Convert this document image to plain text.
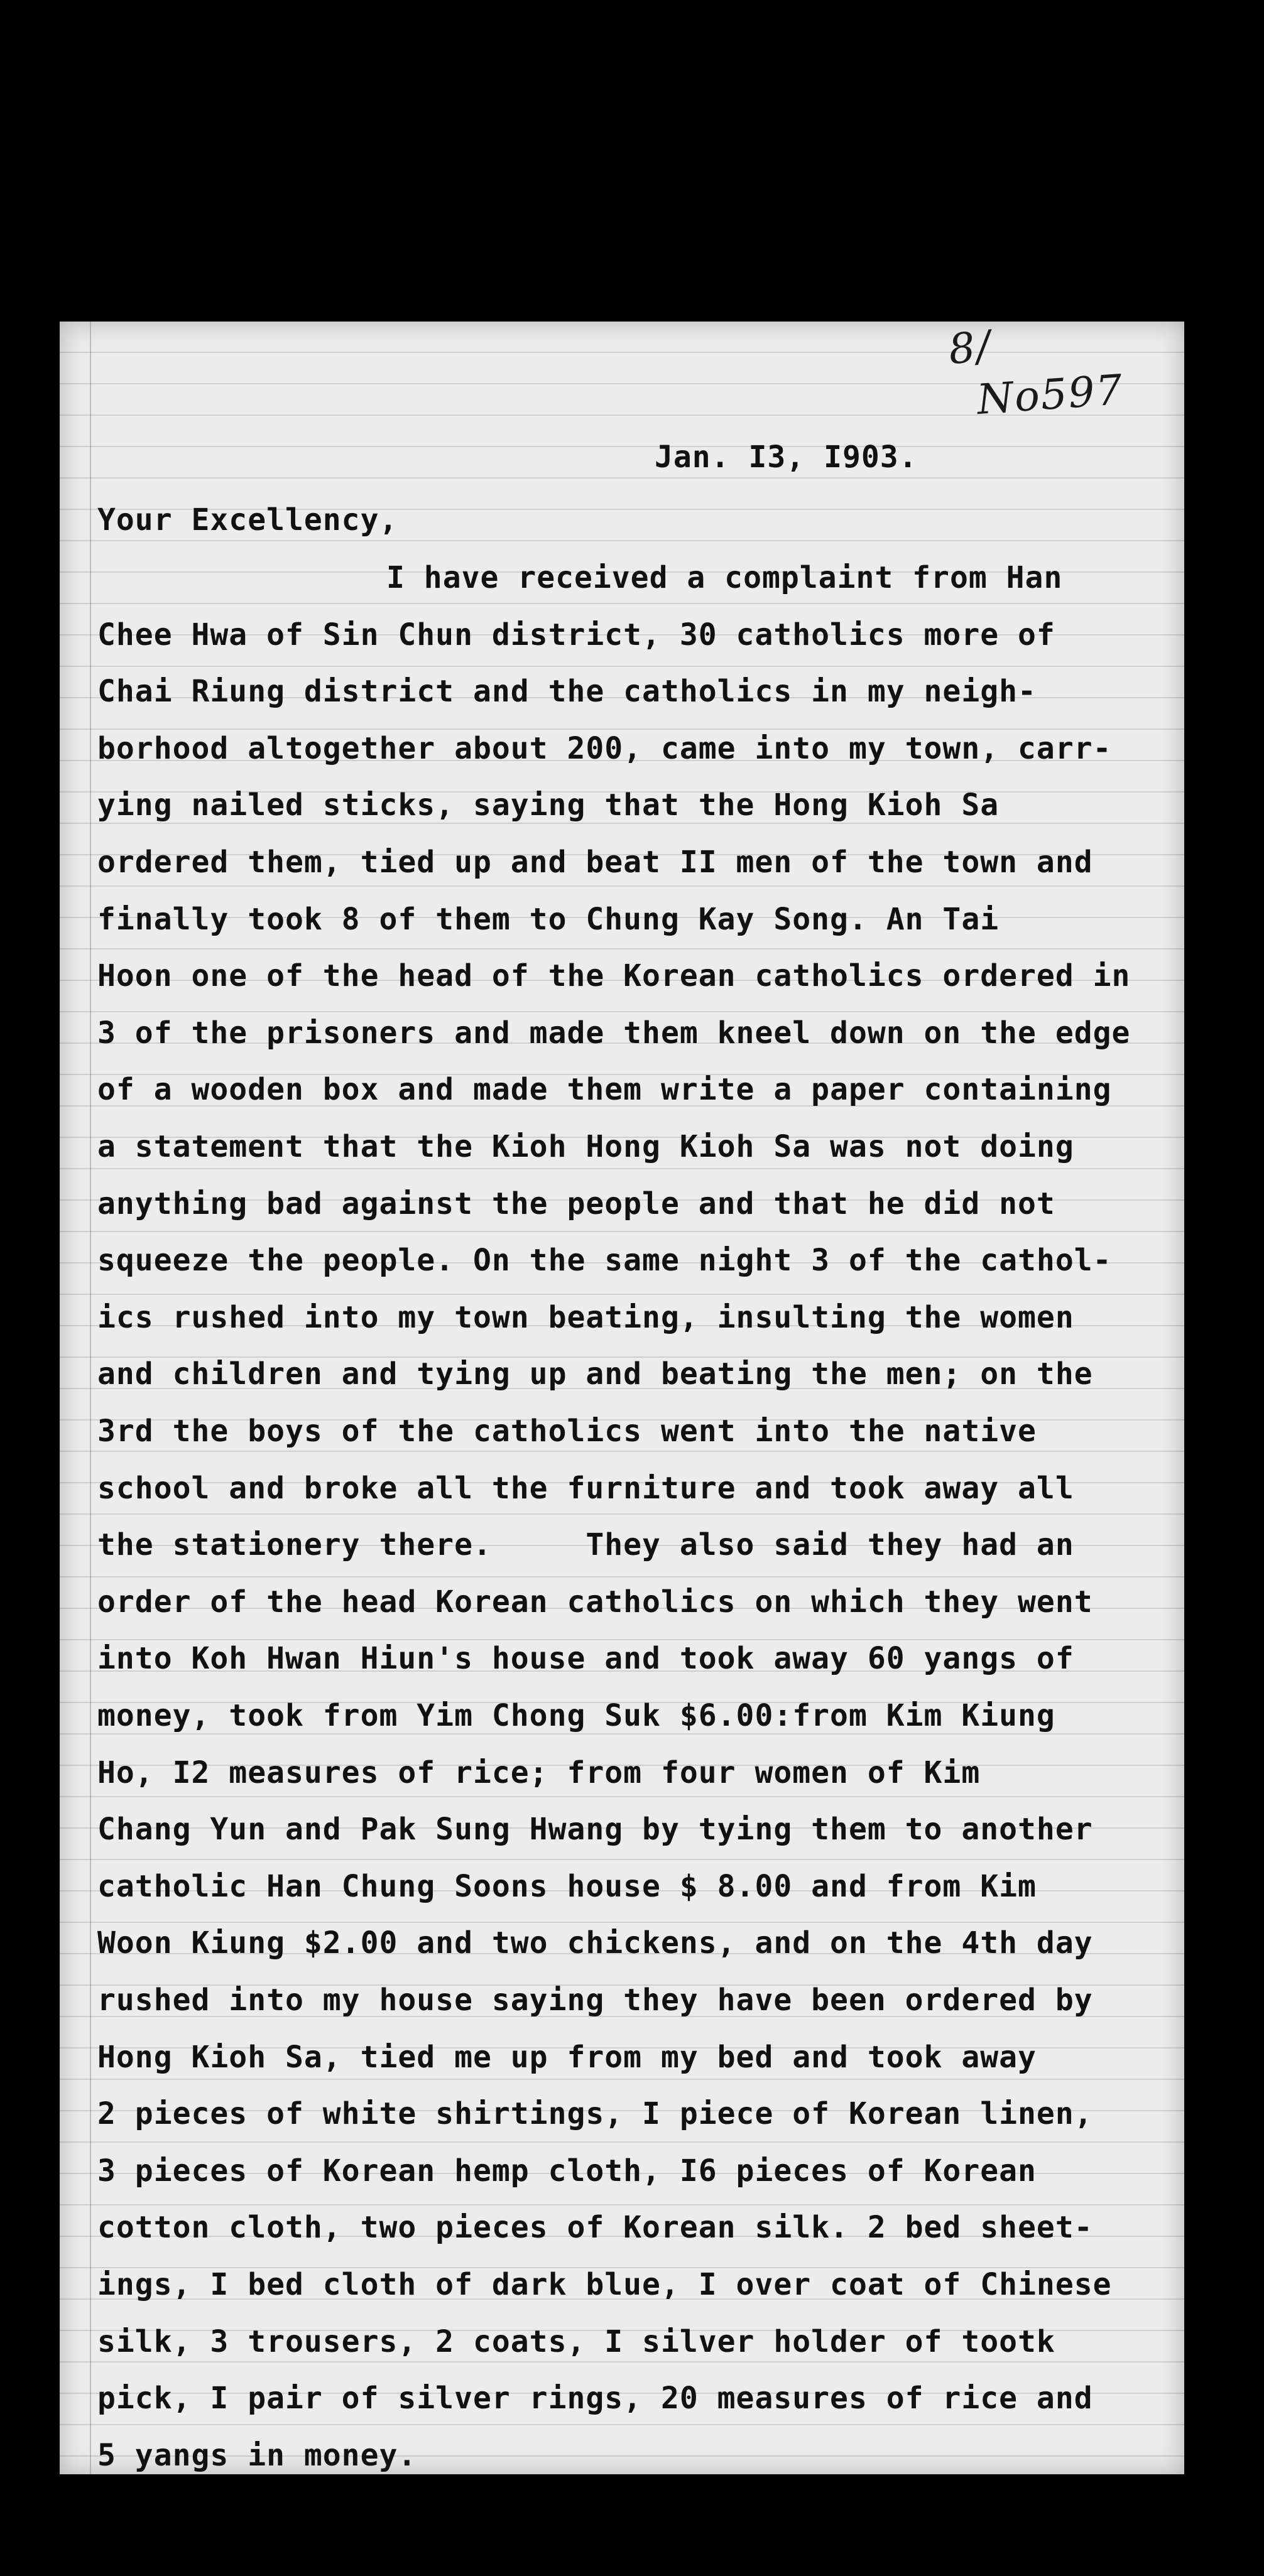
8/
No597
Jan. I3, I903.
Your Excellency,
I have received a complaint from Han
Chee Hwa of Sin Chun district, 30 catholics more of
Chai Riung district and the catholics in my neigh-
borhood altogether about 200, came into my town, carr-
ying nailed sticks, saying that the Hong Kioh Sa
ordered them, tied up and beat II men of the town and
finally took 8 of them to Chung Kay Song. An Tai
Hoon one of the head of the Korean catholics ordered in
3 of the prisoners and made them kneel down on the edge
of a wooden box and made them write a paper containing
a statement that the Kioh Hong Kioh Sa was not doing
anything bad against the people and that he did not
squeeze the people. On the same night 3 of the cathol-
ics rushed into my town beating, insulting the women
and children and tying up and beating the men; on the
3rd the boys of the catholics went into the native
school and broke all the furniture and took away all
the stationery there.     They also said they had an
order of the head Korean catholics on which they went
into Koh Hwan Hiun's house and took away 60 yangs of
money, took from Yim Chong Suk $6.00:from Kim Kiung
Ho, I2 measures of rice; from four women of Kim
Chang Yun and Pak Sung Hwang by tying them to another
catholic Han Chung Soons house $ 8.00 and from Kim
Woon Kiung $2.00 and two chickens, and on the 4th day
rushed into my house saying they have been ordered by
Hong Kioh Sa, tied me up from my bed and took away
2 pieces of white shirtings, I piece of Korean linen,
3 pieces of Korean hemp cloth, I6 pieces of Korean
cotton cloth, two pieces of Korean silk. 2 bed sheet-
ings, I bed cloth of dark blue, I over coat of Chinese
silk, 3 trousers, 2 coats, I silver holder of tootk
pick, I pair of silver rings, 20 measures of rice and
5 yangs in money.
